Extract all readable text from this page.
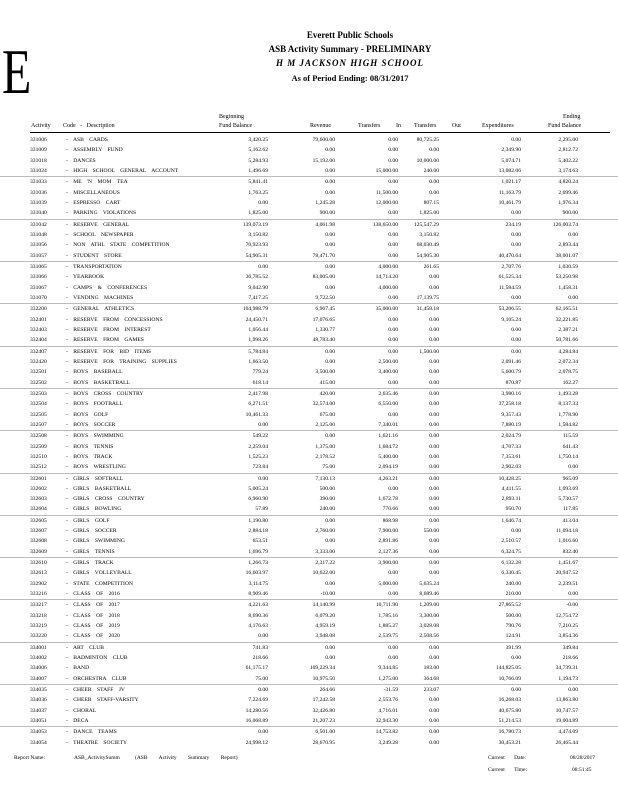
E
Everett Public Schools
ASB Activity Summary - PRELIMINARY
H M JACKSON HIGH SCHOOL
As of Period Ending: 08/31/2017
Beginning
Fund Balance
Activity Code - Description	Revenue	Transfers In Transfers Out	Expenditures
Ending
Fund Balance
331006	- ASB CARDS	3,420.25	79,600.00	0.00	80,725.25	0.00	2,295.00
331009	- ASSEMBLY FUND	5,162.62	0.00	0.00	0.00	2,349.90	2,812.72
331018	- DANCES	5,284.93	15,192.00	0.00	10,000.00	5,074.71	5,402.22
331024	- HIGH SCHOOL GENERAL ACCOUNT	1,496.69	0.00	15,000.00	240.00	13,082.06	3,174.63
331033	- ME 'N MOM TEA	5,841.41	0.00	0.00	0.00	1,021.17	4,820.24
331036	- MISCELLANEOUS	1,763.25	0.00	11,500.00	0.00	11,163.79	2,099.46
331039	- ESPRESSO CART	0.00	1,245.28	12,000.00	807.15	10,461.79	1,976.34
331040	- PARKING VIOLATIONS	1,825.00	900.00	0.00	1,825.00	0.00	900.00
331042	- RESERVE GENERAL	139,073.19	4,061.98	138,650.00	125,547.29	234.19	126,003.74
331048	- SCHOOL NEWSPAPER	3,150.82	0.00	0.00	3,150.82	0.00	0.00
331056	- NON ATHL STATE COMPETITION	70,923.93	0.00	0.00	68,030.49	0.00	2,893.44
331057	- STUDENT STORE	54,905.31	78,471.70	0.00	54,905.30	40,470.64	38,001.07
331065	- TRANSPORTATION	0.00	0.00	4,000.00	261.65	2,707.76	1,030.59
331066	- YEARBOOK	36,785.52	83,005.00	14,714.20	0.00	61,525.34	53,250.98
331067	- CAMPS & CONFERENCES	9,042.90	0.00	4,000.00	0.00	11,584.59	1,458.31
331070	- VENDING MACHINES	7,417.25	9,722.50	0.00	17,139.75	0.00	0.00
332200	- GENERAL ATHLETICS	104,988.79	6,967.45	35,000.00	31,458.18	53,206.55	62,165.51
332401	- RESERVE FROM CONCESSIONS	24,450.71	17,076.65	0.00	0.00	9,105.24	32,221.85
332403	- RESERVE FROM INTEREST	1,056.44	1,330.77	0.00	0.00	0.00	2,387.21
332404	- RESERVE FROM GAMES	1,998.26	48,783.40	0.00	0.00	0.00	50,781.66
332407	- RESERVE FOR BID ITEMS	5,784.84	0.00	0.00	1,500.00	0.00	4,284.84
332420	- RESERVE FOR TRAINING SUPPLIES	1,663.50	0.00	2,500.00	0.00	2,091.46	2,072.34
332501	- BOYS BASEBALL	779.24	3,500.00	3,400.00	0.00	5,600.79	2,078.75
332502	- BOYS BASKETBALL	618.14	415.00	0.00	0.00	870.87	162.27
332503	- BOYS CROSS COUNTRY	2,417.98	420.00	2,635.46	0.00	3,980.16	1,493.28
332504	- BOYS FOOTBALL	6,271.51	32,574.00	6,550.00	0.00	37,258.18	8,137.33
332505	- BOYS GOLF	10,461.33	675.00	0.00	0.00	9,357.43	1,778.90
332507	- BOYS SOCCER	0.00	2,125.00	7,340.01	0.00	7,880.19	1,584.82
332508	- BOYS SWIMMING	549.22	0.00	1,621.16	0.00	2,024.79	115.59
332509	- BOYS TENNIS	2,259.04	1,375.00	1,684.72	0.00	4,707.33	641.43
332510	- BOYS TRACK	1,525.23	2,178.52	5,400.00	0.00	7,353.61	1,750.14
332512	- BOYS WRESTLING	723.84	75.00	2,094.19	0.00	2,902.03	0.00
332601	- GIRLS SOFTBALL	0.00	7,130.13	4,263.21	0.00	10,428.25	965.09
332602	- GIRLS BASKETBALL	5,005.24	500.00	0.00	0.00	4,411.55	1,093.69
332603	- GIRLS CROSS COUNTRY	6,960.90	390.00	1,672.78	0.00	2,893.11	5,730.57
332604	- GIRLS BOWLING	57.89	240.00	770.66	0.00	950.70	117.85
332605	- GIRLS GOLF	1,190.80	0.00	868.98	0.00	1,646.74	413.04
332607	- GIRLS SOCCER	2,884.18	2,760.00	7,900.00	550.00	0.00	11,094.18
332608	- GIRLS SWIMMING	653.51	0.00	2,891.86	0.00	2,510.57	1,016.60
332609	- GIRLS TENNIS	1,696.79	3,333.00	2,127.36	0.00	6,324.75	832.40
332610	- GIRLS TRACK	1,266.73	2,317.22	3,900.00	0.00	6,132.28	1,451.67
332613	- GIRLS VOLLEYBALL	16,603.97	10,622.00	0.00	0.00	6,330.45	20,947.52
332902	- STATE COMPETITION	3,114.75	0.00	5,000.00	5,635.24	240.00	2,239.51
333216	- CLASS OF 2016	8,909.46	-10.00	0.00	8,689.46	210.00	0.00
333217	- CLASS OF 2017	4,221.63	14,140.99	10,711.90	1,209.00	27,865.52	-0.00
333218	- CLASS OF 2018	8,690.36	6,079.20	1,785.16	3,300.00	500.00	12,754.72
333219	- CLASS OF 2019	4,176.63	4,959.19	1,885.27	3,028.08	790.76	7,210.25
333220	- CLASS OF 2020	0.00	3,948.08	2,539.75	2,508.56	124.91	3,854.36
334001	- ART CLUB	741.83	0.00	0.00	0.00	391.99	349.84
334002	- BADMINTON CLUB	218.66	0.00	0.00	0.00	0.00	218.66
334006	- BAND	61,175.17	109,229.34	9,344.85	183.00	144,825.05	34,739.31
334007	- ORCHESTRA CLUB	75.00	10,975.50	1,275.00	364.68	10,766.09	1,194.73
334035	- CHEER STAFF JV	0.00	264.66	-31.59	233.07	0.00	0.00
334036	- CHEER STAFF-VARSITY	7,224.69	17,242.58	2,553.76	0.00	16,268.03	13,863.80
334037	- CHORAL	14,280.56	32,426.80	4,716.01	0.00	40,675.80	10,747.57
334051	- DECA	16,068.89	21,207.23	32,943.30	0.00	51,214.53	19,004.89
334053	- DANCE TEAMS	0.00	6,501.00	14,753.82	0.00	16,780.73	4,474.09
334054	- THEATRE SOCIETY	24,998.12	28,670.95	3,249.28	0.00	30,453.21	26,465.44
Report Name:	ASB_ActivitySumm	(ASB Activity Summary Report)	Current Date:	08/28/2017
Current Time:	08:51:45
